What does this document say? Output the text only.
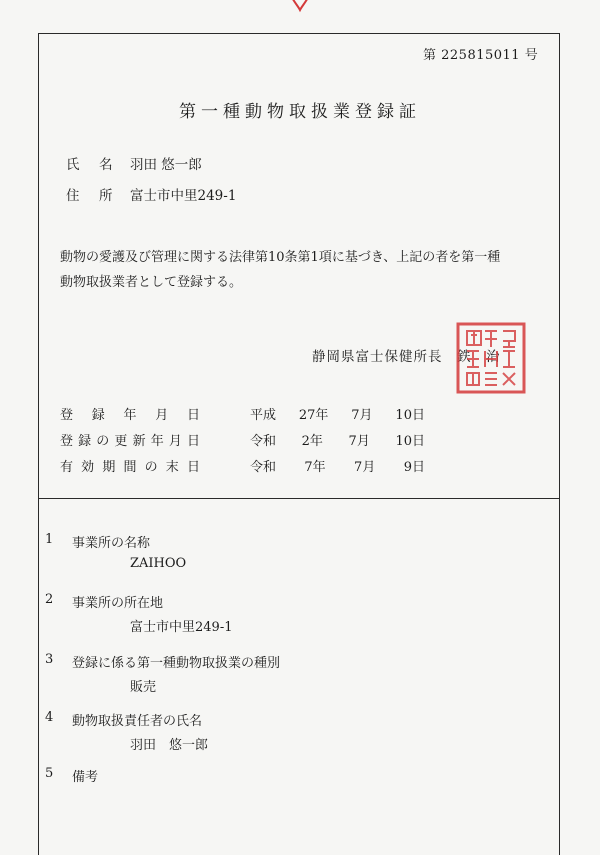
第 225815011 号
第一種動物取扱業登録証
氏　名 羽田 悠一郎
住　所 富士市中里249-1
動物の愛護及び管理に関する法律第10条第1項に基づき、上記の者を第一種
動物取扱業者として登録する。
静岡県富士保健所長　鉄　治
登 録 年 月 日	平成 27年 7月 10日
登 録 の 更 新 年 月 日	令和 2年 7月 10日
有 効 期 間 の 末 日	令和 7年 7月 9日
1 事業所の名称
ZAIHOO
2 事業所の所在地
富士市中里249-1
3 登録に係る第一種動物取扱業の種別
販売
4 動物取扱責任者の氏名
羽田　悠一郎
5 備考
